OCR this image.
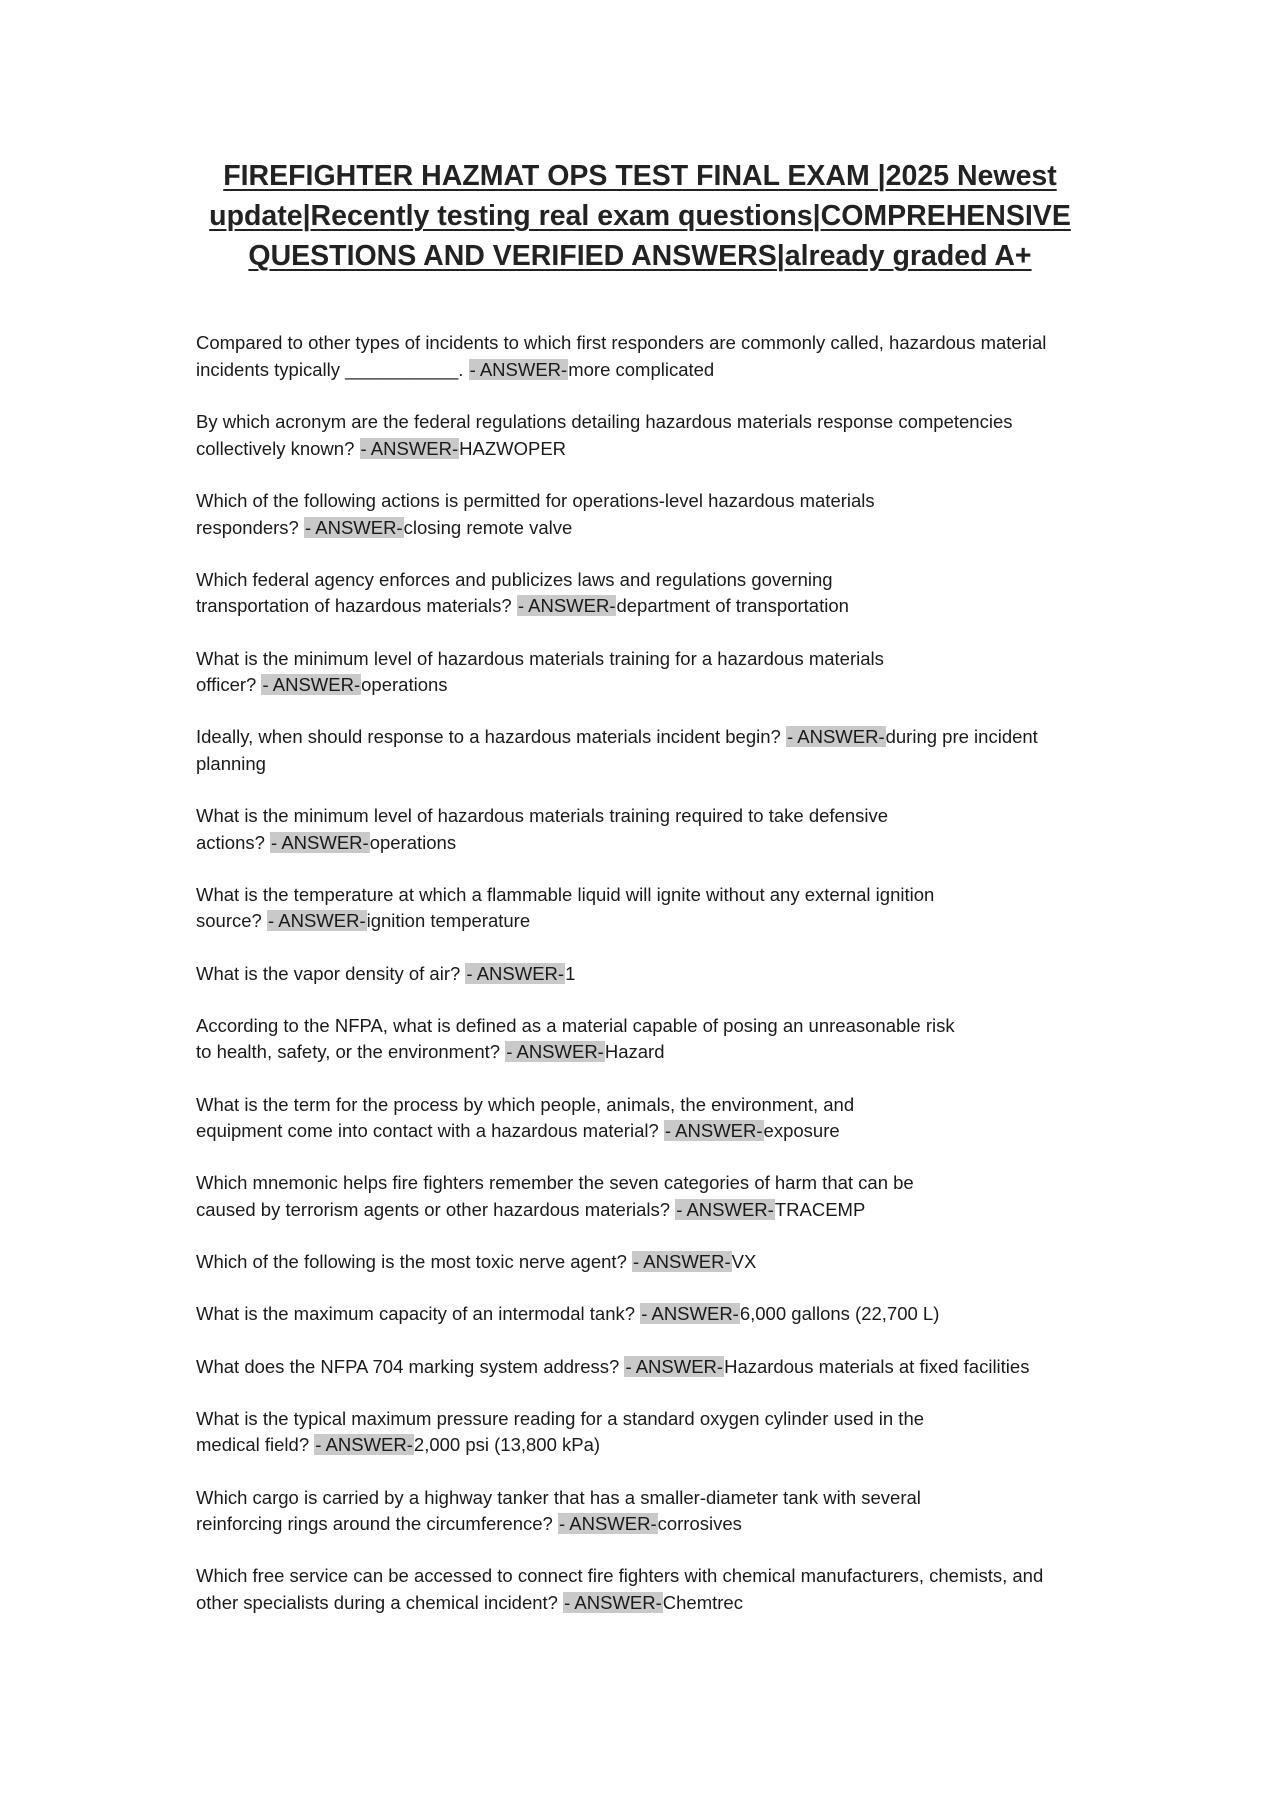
FIREFIGHTER HAZMAT OPS TEST FINAL EXAM |2025 Newest update|Recently testing real exam questions|COMPREHENSIVE QUESTIONS AND VERIFIED ANSWERS|already graded A+
Compared to other types of incidents to which first responders are commonly called, hazardous material incidents typically ___________. - ANSWER-more complicated
By which acronym are the federal regulations detailing hazardous materials response competencies collectively known? - ANSWER-HAZWOPER
Which of the following actions is permitted for operations-level hazardous materials responders? - ANSWER-closing remote valve
Which federal agency enforces and publicizes laws and regulations governing transportation of hazardous materials? - ANSWER-department of transportation
What is the minimum level of hazardous materials training for a hazardous materials officer? - ANSWER-operations
Ideally, when should response to a hazardous materials incident begin? - ANSWER-during pre incident planning
What is the minimum level of hazardous materials training required to take defensive actions? - ANSWER-operations
What is the temperature at which a flammable liquid will ignite without any external ignition source? - ANSWER-ignition temperature
What is the vapor density of air? - ANSWER-1
According to the NFPA, what is defined as a material capable of posing an unreasonable risk to health, safety, or the environment? - ANSWER-Hazard
What is the term for the process by which people, animals, the environment, and equipment come into contact with a hazardous material? - ANSWER-exposure
Which mnemonic helps fire fighters remember the seven categories of harm that can be caused by terrorism agents or other hazardous materials? - ANSWER-TRACEMP
Which of the following is the most toxic nerve agent? - ANSWER-VX
What is the maximum capacity of an intermodal tank? - ANSWER-6,000 gallons (22,700 L)
What does the NFPA 704 marking system address? - ANSWER-Hazardous materials at fixed facilities
What is the typical maximum pressure reading for a standard oxygen cylinder used in the medical field? - ANSWER-2,000 psi (13,800 kPa)
Which cargo is carried by a highway tanker that has a smaller-diameter tank with several reinforcing rings around the circumference? - ANSWER-corrosives
Which free service can be accessed to connect fire fighters with chemical manufacturers, chemists, and other specialists during a chemical incident? - ANSWER-Chemtrec
